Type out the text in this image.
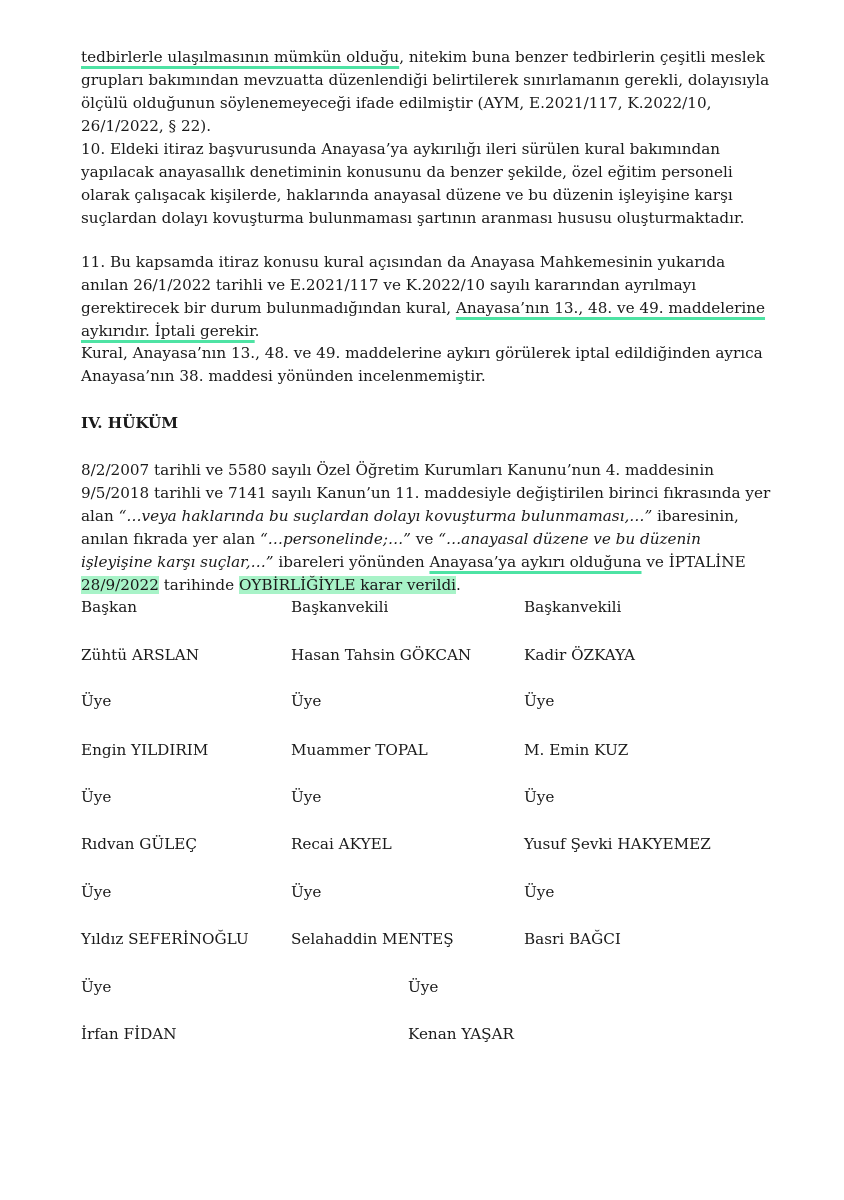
tedbirlerle ulaşılmasının mümkün olduğu, nitekim buna benzer tedbirlerin çeşitli meslek grupları bakımından mevzuatta düzenlendiği belirtilerek sınırlamanın gerekli, dolayısıyla ölçülü olduğunun söylenemeyeceği ifade edilmiştir (AYM, E.2021/117, K.2022/10, 26/1/2022, § 22).

10. Eldeki itiraz başvurusunda Anayasa’ya aykırılığı ileri sürülen kural bakımından yapılacak anayasallık denetiminin konusunu da benzer şekilde, özel eğitim personeli olarak çalışacak kişilerde, haklarında anayasal düzene ve bu düzenin işleyişine karşı suçlardan dolayı kovuşturma bulunmaması şartının aranması hususu oluşturmaktadır.

11. Bu kapsamda itiraz konusu kural açısından da Anayasa Mahkemesinin yukarıda anılan 26/1/2022 tarihli ve E.2021/117 ve K.2022/10 sayılı kararından ayrılmayı gerektirecek bir durum bulunmadığından kural, Anayasa’nın 13., 48. ve 49. maddelerine aykırıdır. İptali gerekir.

Kural, Anayasa’nın 13., 48. ve 49. maddelerine aykırı görülerek iptal edildiğinden ayrıca Anayasa’nın 38. maddesi yönünden incelenmemiştir.

IV. HÜKÜM

8/2/2007 tarihli ve 5580 sayılı Özel Öğretim Kurumları Kanunu’nun 4. maddesinin 9/5/2018 tarihli ve 7141 sayılı Kanun’un 11. maddesiyle değiştirilen birinci fıkrasında yer alan “…veya haklarında bu suçlardan dolayı kovuşturma bulunmaması,…” ibaresinin, anılan fıkrada yer alan “…personelinde;…” ve “…anayasal düzene ve bu düzenin işleyişine karşı suçlar,…” ibareleri yönünden Anayasa’ya aykırı olduğuna ve İPTALİNE 28/9/2022 tarihinde OYBİRLİĞİYLE karar verildi.

Başkan	Başkanvekili	Başkanvekili
Zühtü ARSLAN	Hasan Tahsin GÖKCAN	Kadir ÖZKAYA
Üye	Üye	Üye
Engin YILDIRIM	Muammer TOPAL	M. Emin KUZ
Üye	Üye	Üye
Rıdvan GÜLEÇ	Recai AKYEL	Yusuf Şevki HAKYEMEZ
Üye	Üye	Üye
Yıldız SEFERİNOĞLU	Selahaddin MENTEŞ	Basri BAĞCI
Üye	Üye
İrfan FİDAN	Kenan YAŞAR
